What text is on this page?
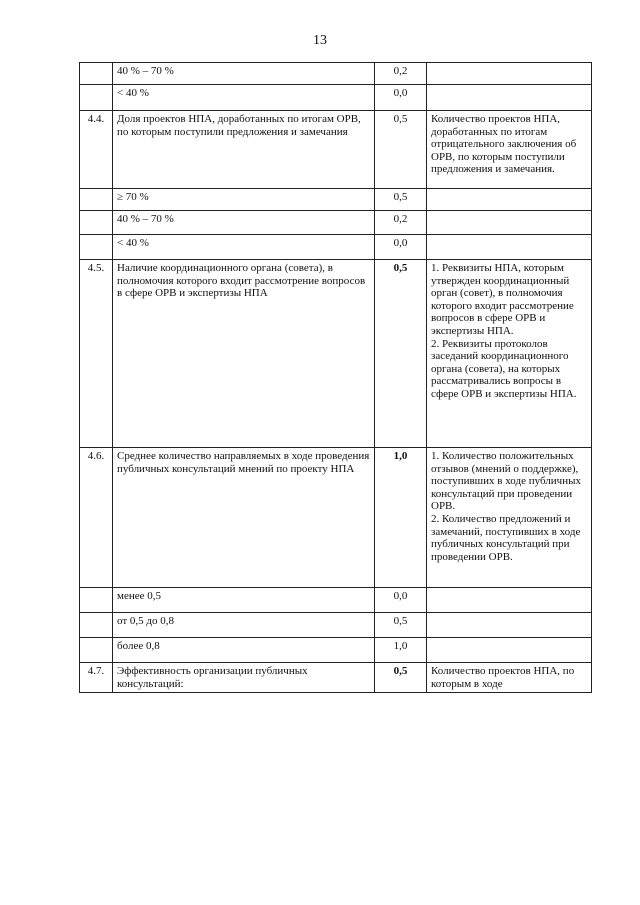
13
	40 % – 70 %	0,2	
	< 40 %	0,0	
4.4.	Доля проектов НПА, доработанных по итогам ОРВ, по которым поступили предложения и замечания	0,5	Количество проектов НПА, доработанных по итогам отрицательного заключения об ОРВ, по которым поступили предложения и замечания.

	≥ 70 %	0,5	
	40 % – 70 %	0,2	
	< 40 %	0,0	
4.5.	Наличие координационного органа (совета), в полномочия которого входит рассмотрение вопросов в сфере ОРВ и экспертизы НПА	0,5	1. Реквизиты НПА, которым утвержден координационный орган (совет), в полномочия которого входит рассмотрение вопросов в сфере ОРВ и экспертизы НПА.
2. Реквизиты протоколов заседаний координационного органа (совета), на которых рассматривались вопросы в сфере ОРВ и экспертизы НПА.

4.6.	Среднее количество направляемых в ходе проведения публичных консультаций мнений по проекту НПА	1,0	1. Количество положительных отзывов (мнений о поддержке), поступивших в ходе публичных консультаций при проведении ОРВ.
2. Количество предложений и замечаний, поступивших в ходе публичных консультаций при проведении ОРВ.

	менее 0,5	0,0	
	от 0,5 до 0,8	0,5	
	более 0,8	1,0	
4.7.	Эффективность организации публичных консультаций:	0,5	Количество проектов НПА, по которым в ходе
